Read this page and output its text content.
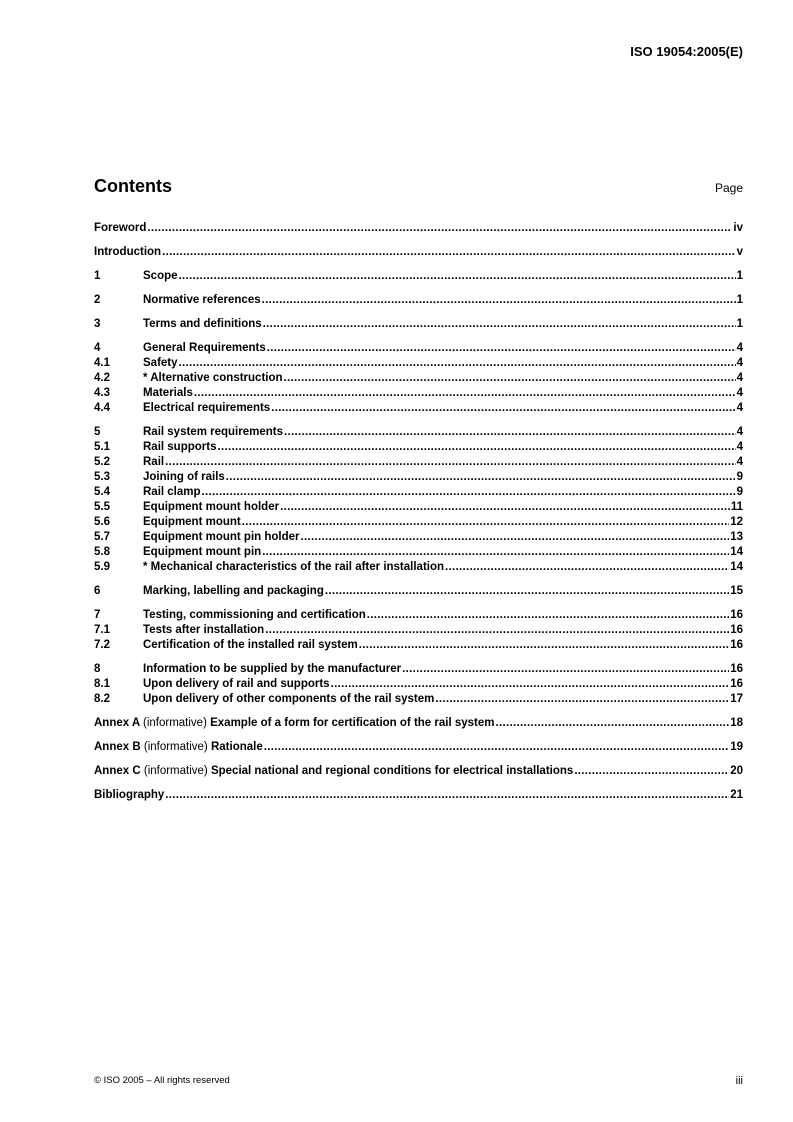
ISO 19054:2005(E)
Contents	Page
Foreword .....	iv
Introduction .....	v
1	Scope .....	1
2	Normative references .....	1
3	Terms and definitions .....	1
4	General Requirements .....	4
4.1	Safety .....	4
4.2	* Alternative construction .....	4
4.3	Materials .....	4
4.4	Electrical requirements .....	4
5	Rail system requirements .....	4
5.1	Rail supports .....	4
5.2	Rail .....	4
5.3	Joining of rails .....	9
5.4	Rail clamp .....	9
5.5	Equipment mount holder .....	11
5.6	Equipment mount .....	12
5.7	Equipment mount pin holder .....	13
5.8	Equipment mount pin .....	14
5.9	* Mechanical characteristics of the rail after installation .....	14
6	Marking, labelling and packaging .....	15
7	Testing, commissioning and certification .....	16
7.1	Tests after installation .....	16
7.2	Certification of the installed rail system .....	16
8	Information to be supplied by the manufacturer .....	16
8.1	Upon delivery of rail and supports .....	16
8.2	Upon delivery of other components of the rail system .....	17
Annex A (informative) Example of a form for certification of the rail system .....	18
Annex B (informative) Rationale .....	19
Annex C (informative) Special national and regional conditions for electrical installations .....	20
Bibliography .....	21
© ISO 2005 – All rights reserved	iii
